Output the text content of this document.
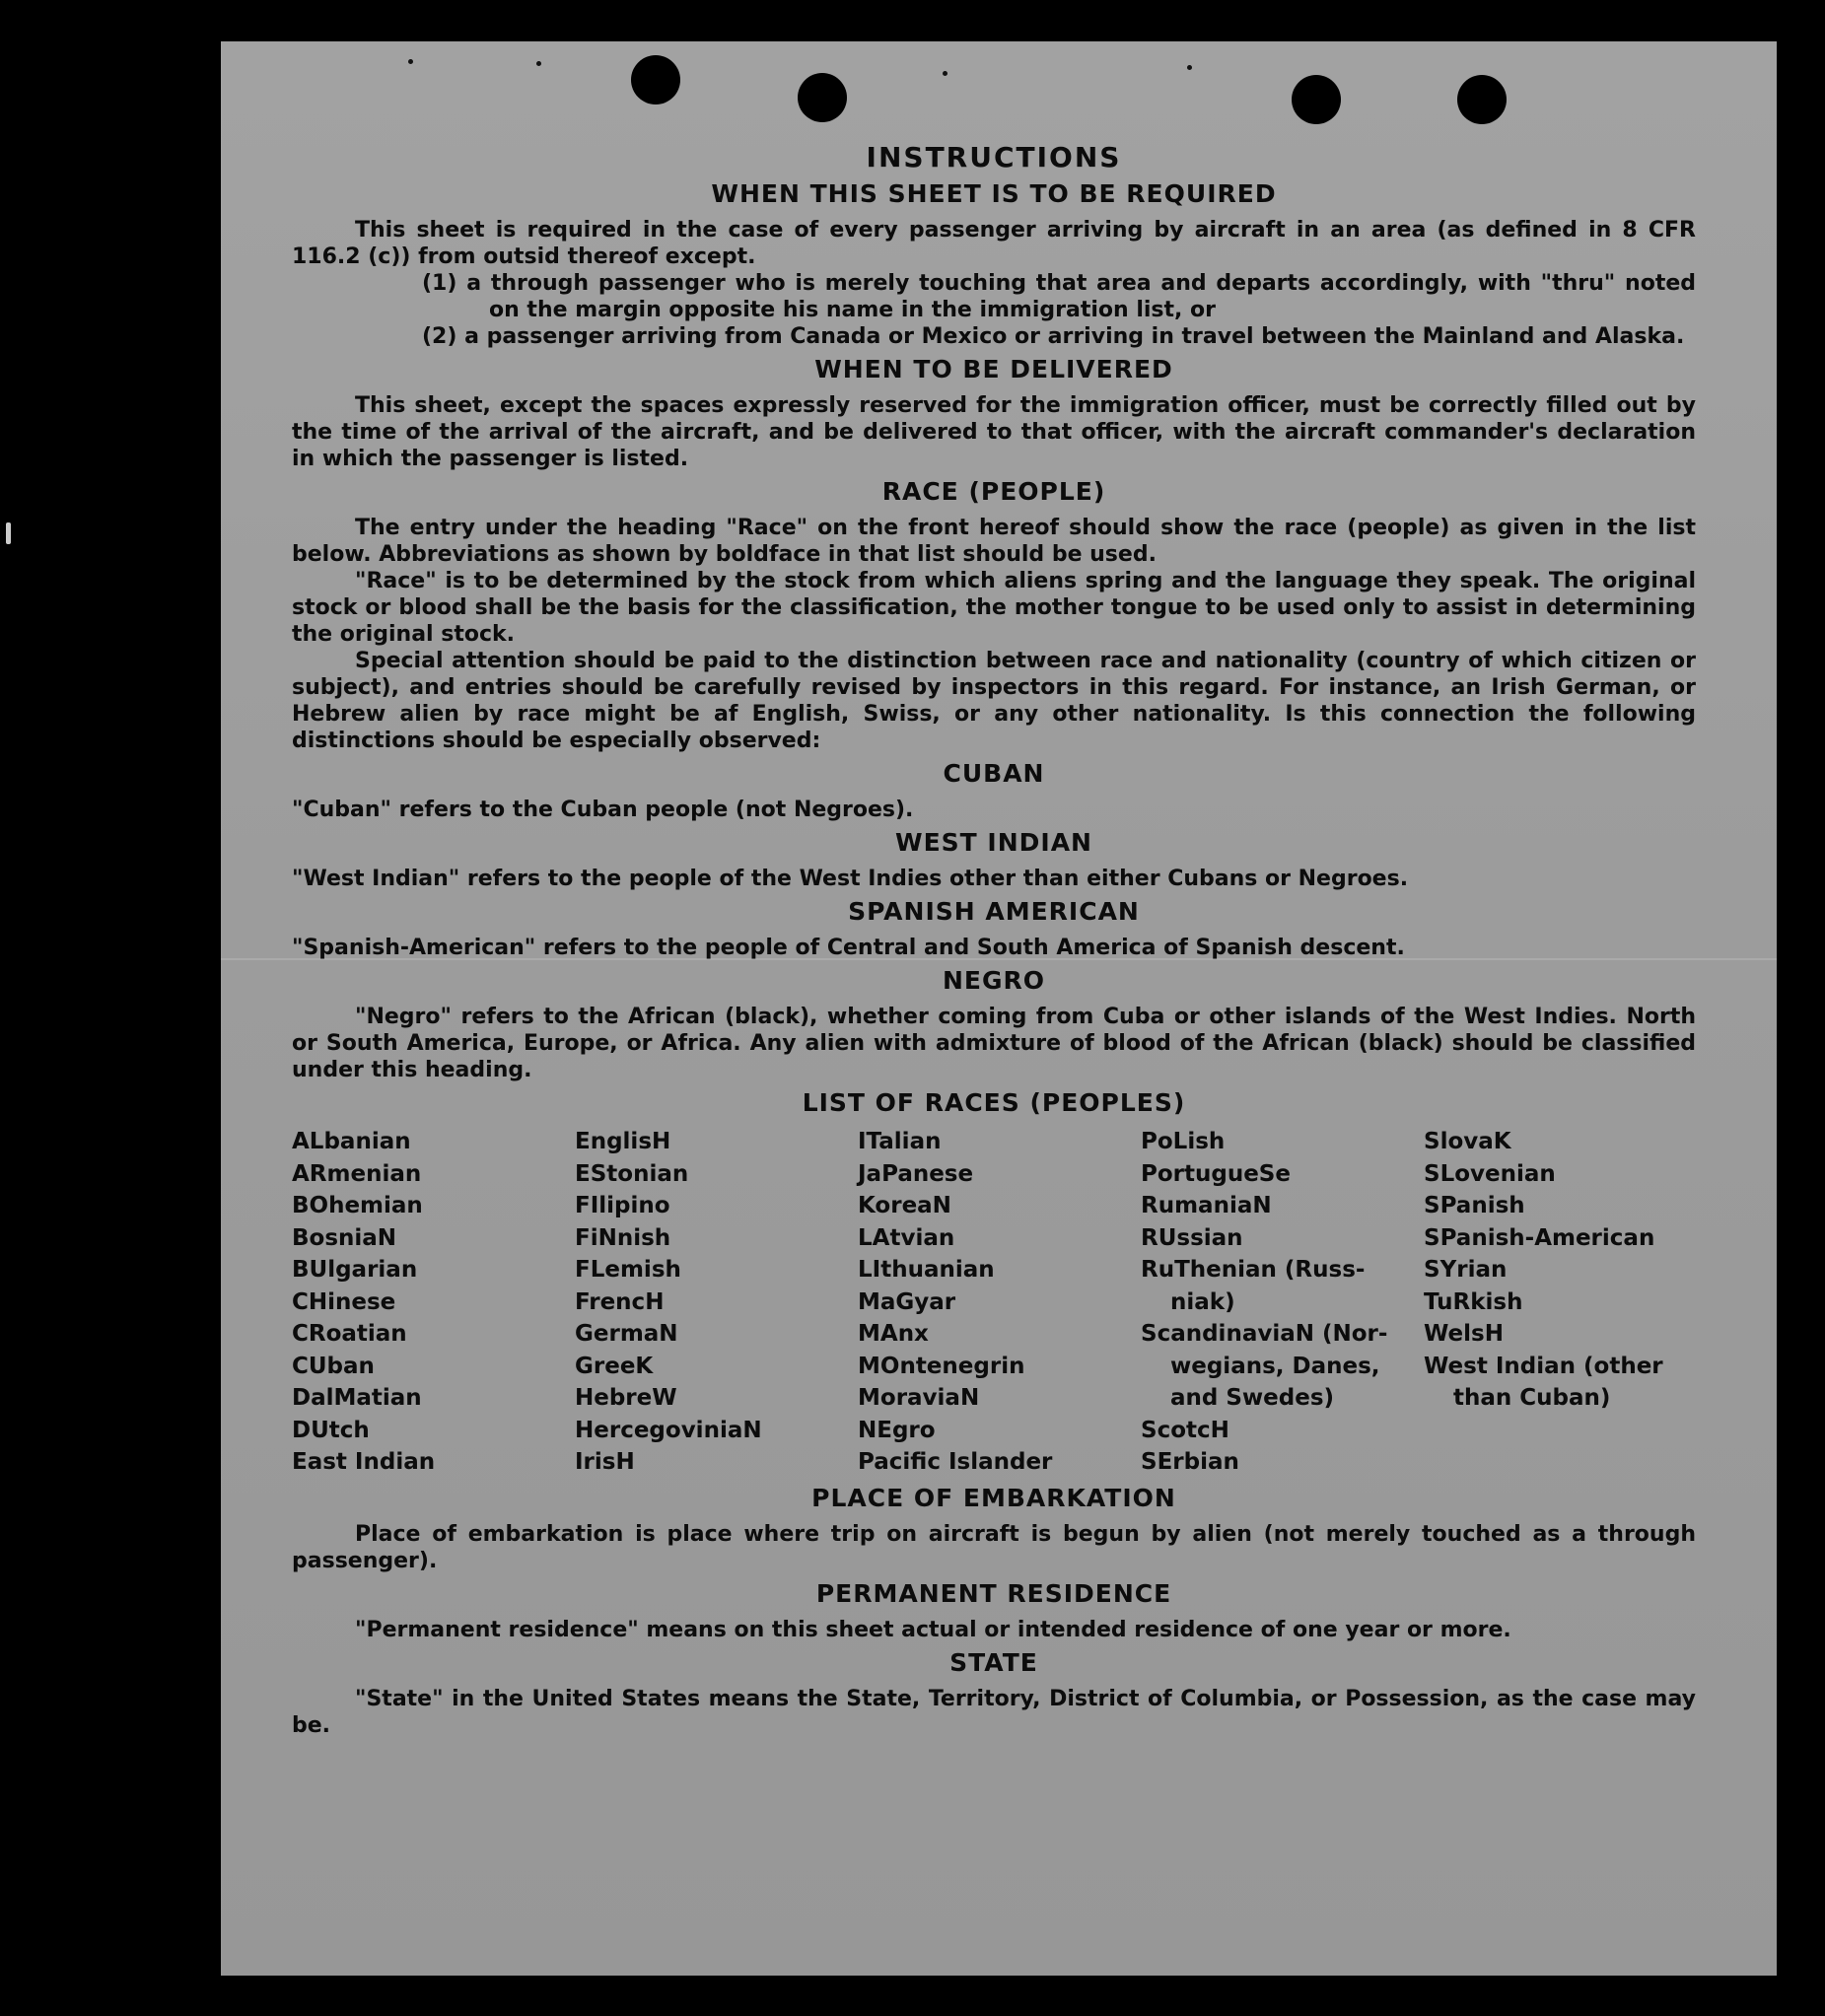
INSTRUCTIONS
WHEN THIS SHEET IS TO BE REQUIRED

This sheet is required in the case of every passenger arriving by aircraft in an area (as defined in 8 CFR 116.2 (c)) from outsid thereof except.

(1) a through passenger who is merely touching that area and departs accordingly, with "thru" noted on the margin opposite his name in the immigration list, or

(2) a passenger arriving from Canada or Mexico or arriving in travel between the Mainland and Alaska.

WHEN TO BE DELIVERED

This sheet, except the spaces expressly reserved for the immigration officer, must be correctly filled out by the time of the arrival of the aircraft, and be delivered to that officer, with the aircraft commander's declaration in which the passenger is listed.

RACE (PEOPLE)

The entry under the heading "Race" on the front hereof should show the race (people) as given in the list below. Abbreviations as shown by boldface in that list should be used.

"Race" is to be determined by the stock from which aliens spring and the language they speak. The original stock or blood shall be the basis for the classification, the mother tongue to be used only to assist in determining the original stock.

Special attention should be paid to the distinction between race and nationality (country of which citizen or subject), and entries should be carefully revised by inspectors in this regard. For instance, an Irish German, or Hebrew alien by race might be af English, Swiss, or any other nationality. Is this connection the following distinctions should be especially observed:

CUBAN

"Cuban" refers to the Cuban people (not Negroes).

WEST INDIAN

"West Indian" refers to the people of the West Indies other than either Cubans or Negroes.

SPANISH AMERICAN

"Spanish-American" refers to the people of Central and South America of Spanish descent.

NEGRO

"Negro" refers to the African (black), whether coming from Cuba or other islands of the West Indies. North or South America, Europe, or Africa. Any alien with admixture of blood of the African (black) should be classified under this heading.

LIST OF RACES (PEOPLES)
ALbanian
ARmenian
BOhemian
BosniaN
BUlgarian
CHinese
CRoatian
CUban
DalMatian
DUtch
East Indian
EnglisH
EStonian
FIlipino
FiNnish
FLemish
FrencH
GermaN
GreeK
HebreW
HercegoviniaN
IrisH
ITalian
JaPanese
KoreaN
LAtvian
LIthuanian
MaGyar
MAnx
MOntenegrin
MoraviaN
NEgro
Pacific Islander
PoLish
PortugueSe
RumaniaN
RUssian
RuThenian (Russ-
niak)
ScandinaviaN (Nor-
wegians, Danes,
and Swedes)
ScotcH
SErbian
SlovaK
SLovenian
SPanish
SPanish-American
SYrian
TuRkish
WelsH
West Indian (other
than Cuban)
PLACE OF EMBARKATION

Place of embarkation is place where trip on aircraft is begun by alien (not merely touched as a through passenger).

PERMANENT RESIDENCE

"Permanent residence" means on this sheet actual or intended residence of one year or more.

STATE

"State" in the United States means the State, Territory, District of Columbia, or Possession, as the case may be.
